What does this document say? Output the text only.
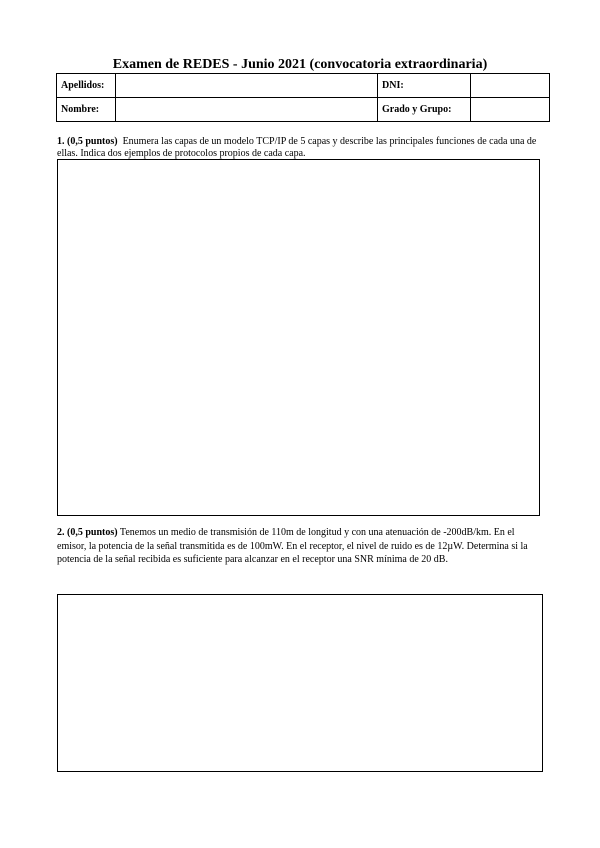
Examen de REDES - Junio 2021 (convocatoria extraordinaria)
Apellidos:		DNI:	
Nombre:		Grado y Grupo:	
1. (0,5 puntos) Enumera las capas de un modelo TCP/IP de 5 capas y describe las principales funciones de cada una de ellas. Indica dos ejemplos de protocolos propios de cada capa.
2. (0,5 puntos) Tenemos un medio de transmisión de 110m de longitud y con una atenuación de -200dB/km. En el emisor, la potencia de la señal transmitida es de 100mW. En el receptor, el nivel de ruido es de 12µW. Determina si la potencia de la señal recibida es suficiente para alcanzar en el receptor una SNR mínima de 20 dB.
